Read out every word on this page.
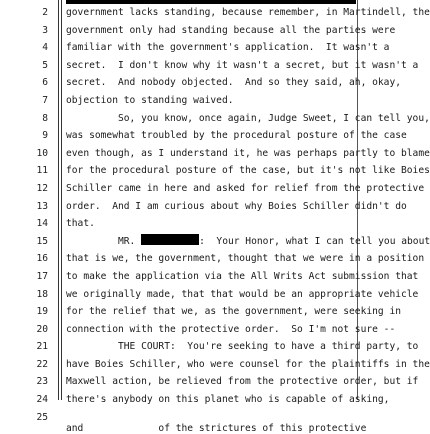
2
3
4
5
6
7
8
9
10
11
12
13
14
15
16
17
18
19
20
21
22
23
24
25
government lacks standing, because remember, in Martindell, the
government only had standing because all the parties were
familiar with the government's application.  It wasn't a
secret.  I don't know why it wasn't a secret, but it wasn't a
secret.  And nobody objected.  And so they said, ah, okay,
objection to standing waived.
So, you know, once again, Judge Sweet, I can tell you,
was somewhat troubled by the procedural posture of the case
even though, as I understand it, he was perhaps partly to blame
for the procedural posture of the case, but it's not like Boies
Schiller came in here and asked for relief from the protective
order.  And I am curious about why Boies Schiller didn't do
that.
MR.	:  Your Honor, what I can tell you about
that is we, the government, thought that we were in a position
to make the application via the All Writs Act submission that
we originally made, that that would be an appropriate vehicle
for the relief that we, as the government, were seeking in
connection with the protective order.  So I'm not sure --
THE COURT:  You're seeking to have a third party, to
have Boies Schiller, who were counsel for the plaintiffs in the
Maxwell action, be relieved from the protective order, but if
there's anybody on this planet who is capable of asking,
and             of the strictures of this protective
